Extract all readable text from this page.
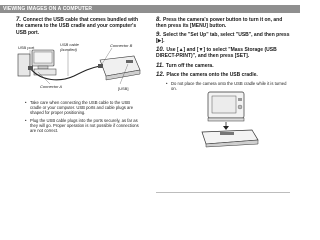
VIEWING IMAGES ON A COMPUTER
7. Connect the USB cable that comes bundled with the camera to the USB cradle and your computer's USB port.
USB port
USB cable
(bundled)
Connector B
Connector A	[USB]
• Take care when connecting the USB cable to the USB cradle or your computer. USB ports and cable plugs are shaped for proper positioning.
• Plug the USB cable plugs into the ports securely, as far as they will go. Proper operation is not possible if connections are not correct.
8. Press the camera's power button to turn it on, and then press its [MENU] button.
9. Select the "Set Up" tab, select "USB", and then press [▶].
10. Use [▲] and [▼] to select "Mass Storage (USB DIRECT-PRINT)", and then press [SET].
11. Turn off the camera.
12. Place the camera onto the USB cradle.
• Do not place the camera onto the USB cradle while it is turned on.
